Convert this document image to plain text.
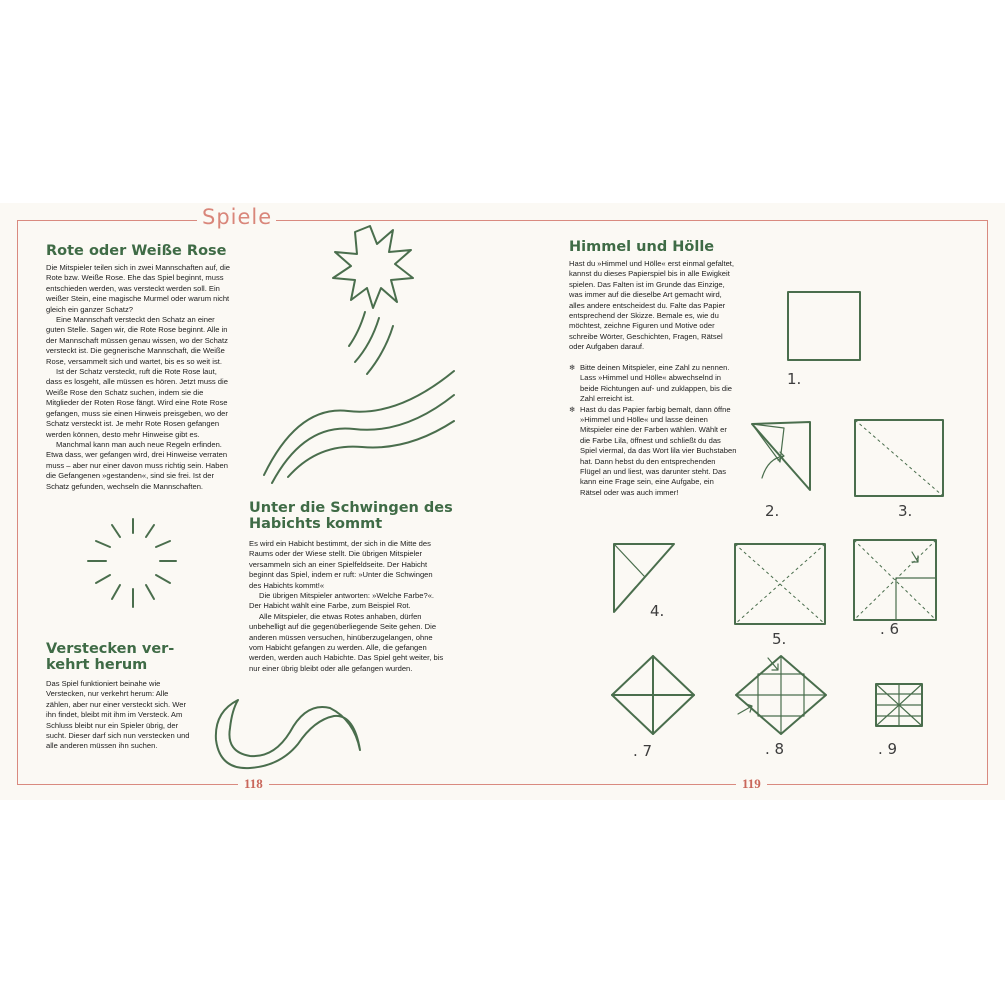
Spiele
Rote oder Weiße Rose

Die Mitspieler teilen sich in zwei Mannschaften auf, die Rote bzw. Weiße Rose. Ehe das Spiel beginnt, muss entschieden werden, was versteckt werden soll. Ein weißer Stein, eine magische Murmel oder warum nicht gleich ein ganzer Schatz?

Eine Mannschaft versteckt den Schatz an einer guten Stelle. Sagen wir, die Rote Rose beginnt. Alle in der Mannschaft müssen genau wissen, wo der Schatz versteckt ist. Die gegnerische Mannschaft, die Weiße Rose, versammelt sich und wartet, bis es so weit ist.

Ist der Schatz versteckt, ruft die Rote Rose laut, dass es losgeht, alle müssen es hören. Jetzt muss die Weiße Rose den Schatz suchen, indem sie die Mitglieder der Roten Rose fängt. Wird eine Rote Rose gefangen, muss sie einen Hinweis preisgeben, wo der Schatz versteckt ist. Je mehr Rote Rosen gefangen werden können, desto mehr Hinweise gibt es.

Manchmal kann man auch neue Regeln erfinden. Etwa dass, wer gefangen wird, drei Hinweise verraten muss – aber nur einer davon muss richtig sein. Haben die Gefangenen »gestanden«, sind sie frei. Ist der Schatz gefunden, wechseln die Mannschaften.

Unter die Schwingen des
Habichts kommt

Es wird ein Habicht bestimmt, der sich in die Mitte des Raums oder der Wiese stellt. Die übrigen Mitspieler versammeln sich an einer Spielfeldseite. Der Habicht beginnt das Spiel, indem er ruft: »Unter die Schwingen des Habichts kommt!«

Die übrigen Mitspieler antworten: »Welche Farbe?«. Der Habicht wählt eine Farbe, zum Beispiel Rot.

Alle Mitspieler, die etwas Rotes anhaben, dürfen unbehelligt auf die gegenüberliegende Seite gehen. Die anderen müssen versuchen, hinüberzugelangen, ohne vom Habicht gefangen zu werden. Alle, die gefangen werden, werden auch Habichte. Das Spiel geht weiter, bis nur einer übrig bleibt oder alle gefangen wurden.

Verstecken ver-
kehrt herum

Das Spiel funktioniert beinahe wie Verstecken, nur verkehrt herum: Alle zählen, aber nur einer versteckt sich. Wer ihn findet, bleibt mit ihm im Versteck. Am Schluss bleibt nur ein Spieler übrig, der sucht. Dieser darf sich nun verstecken und alle anderen müssen ihn suchen.

118
Himmel und Hölle
Hast du »Himmel und Hölle« erst einmal gefaltet, kannst du dieses Papierspiel bis in alle Ewigkeit spielen. Das Falten ist im Grunde das Einzige, was immer auf die dieselbe Art gemacht wird, alles andere entscheidest du. Falte das Papier entsprechend der Skizze. Bemale es, wie du möchtest, zeichne Figuren und Motive oder schreibe Wörter, Geschichten, Fragen, Rätsel oder Aufgaben darauf.
❄ Bitte deinen Mitspieler, eine Zahl zu nennen. Lass »Himmel und Hölle« abwechselnd in beide Richtungen auf- und zuklappen, bis die Zahl erreicht ist.
❄ Hast du das Papier farbig bemalt, dann öffne »Himmel und Hölle« und lasse deinen Mitspieler eine der Farben wählen. Wählt er die Farbe Lila, öffnest und schließt du das Spiel viermal, da das Wort lila vier Buchstaben hat. Dann hebst du den entsprechenden Flügel an und liest, was darunter steht. Das kann eine Frage sein, eine Aufgabe, ein Rätsel oder was auch immer!
1.
2.	3.
4.
5.
. 6
. 7	. 8	. 9
119
